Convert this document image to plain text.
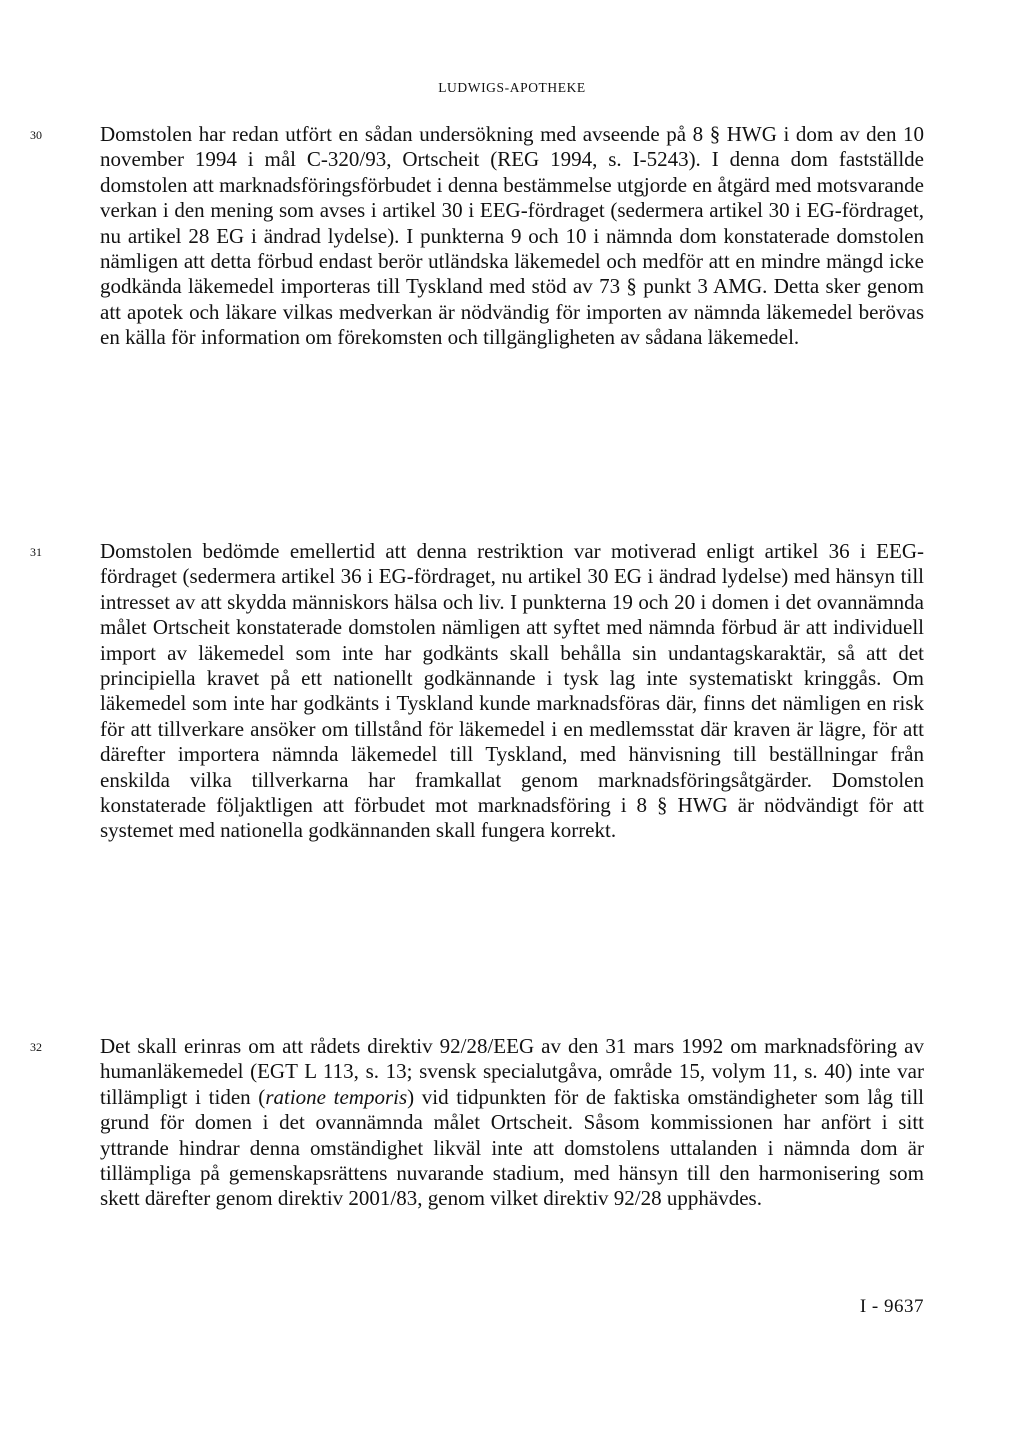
LUDWIGS-APOTHEKE
30	Domstolen har redan utfört en sådan undersökning med avseende på 8 § HWG i dom av den 10 november 1994 i mål C-320/93, Ortscheit (REG 1994, s. I-5243). I denna dom fastställde domstolen att marknadsföringsförbudet i denna bestämmelse utgjorde en åtgärd med motsvarande verkan i den mening som avses i artikel 30 i EEG-fördraget (sedermera artikel 30 i EG-fördraget, nu artikel 28 EG i ändrad lydelse). I punkterna 9 och 10 i nämnda dom konstaterade domstolen nämligen att detta förbud endast berör utländska läkemedel och medför att en mindre mängd icke godkända läkemedel importeras till Tyskland med stöd av 73 § punkt 3 AMG. Detta sker genom att apotek och läkare vilkas medverkan är nödvändig för importen av nämnda läkemedel berövas en källa för information om förekomsten och tillgängligheten av sådana läkemedel.

31	Domstolen bedömde emellertid att denna restriktion var motiverad enligt artikel 36 i EEG-fördraget (sedermera artikel 36 i EG-fördraget, nu artikel 30 EG i ändrad lydelse) med hänsyn till intresset av att skydda människors hälsa och liv. I punkterna 19 och 20 i domen i det ovannämnda målet Ortscheit konstaterade domstolen nämligen att syftet med nämnda förbud är att individuell import av läkemedel som inte har godkänts skall behålla sin undantagskaraktär, så att det principiella kravet på ett nationellt godkännande i tysk lag inte systematiskt kringgås. Om läkemedel som inte har godkänts i Tyskland kunde marknadsföras där, finns det nämligen en risk för att tillverkare ansöker om tillstånd för läkemedel i en medlemsstat där kraven är lägre, för att därefter importera nämnda läkemedel till Tyskland, med hänvisning till beställningar från enskilda vilka tillverkarna har framkallat genom marknadsföringsåtgärder. Domstolen konstaterade följaktligen att förbudet mot marknadsföring i 8 § HWG är nödvändigt för att systemet med nationella godkännanden skall fungera korrekt.

32	Det skall erinras om att rådets direktiv 92/28/EEG av den 31 mars 1992 om marknadsföring av humanläkemedel (EGT L 113, s. 13; svensk specialutgåva, område 15, volym 11, s. 40) inte var tillämpligt i tiden (ratione temporis) vid tidpunkten för de faktiska omständigheter som låg till grund för domen i det ovannämnda målet Ortscheit. Såsom kommissionen har anfört i sitt yttrande hindrar denna omständighet likväl inte att domstolens uttalanden i nämnda dom är tillämpliga på gemenskapsrättens nuvarande stadium, med hänsyn till den harmonisering som skett därefter genom direktiv 2001/83, genom vilket direktiv 92/28 upphävdes.

I - 9637
